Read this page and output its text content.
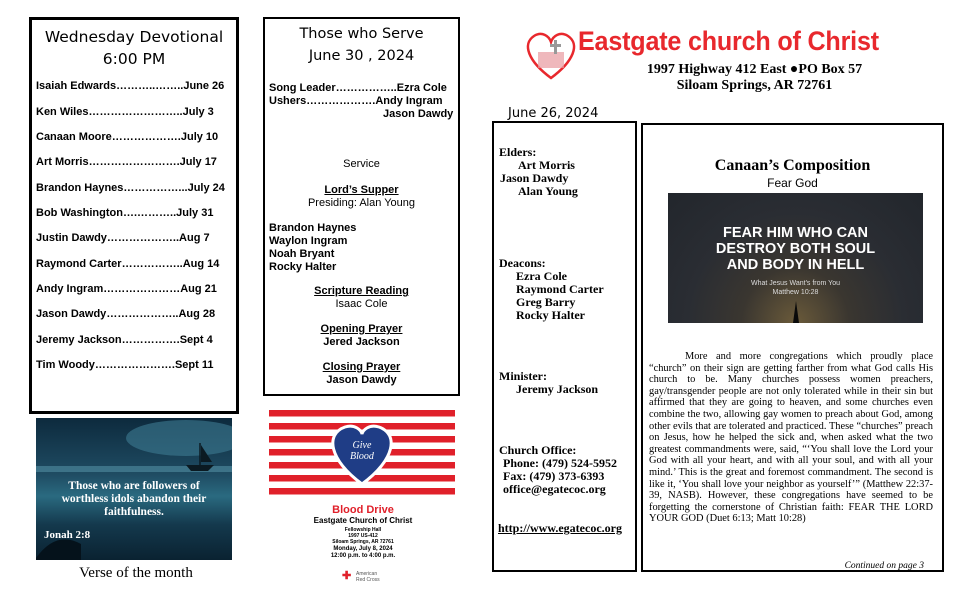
Wednesday Devotional
6:00 PM
Isaiah Edwards………..……..June 26
Ken Wiles……………………..July 3
Canaan Moore……………….July 10
Art Morris…………………….July 17
Brandon Haynes……………...July 24
Bob Washington….………..July 31
Justin Dawdy………………..Aug 7
Raymond Carter……………..Aug 14
Andy Ingram…………………Aug 21
Jason Dawdy………………..Aug 28
Jeremy Jackson…………….Sept 4
Tim Woody………………….Sept 11
Those who Serve
June 30 , 2024
Song Leader……………..Ezra Cole
Ushers……………….Andy Ingram
Jason Dawdy
Service
Lord’s Supper
Presiding: Alan Young
Brandon Haynes
Waylon Ingram
Noah Bryant
Rocky Halter
Scripture Reading
Isaac Cole
Opening Prayer
Jered Jackson
Closing Prayer
Jason Dawdy
Those who are followers of
worthless idols abandon their
faithfulness.
Jonah 2:8
Verse of the month
Give
Blood
Blood Drive
Eastgate Church of Christ
Fellowship Hall
1997 US-412
Siloam Springs, AR 72761
Monday, July 8, 2024
12:00 p.m. to 4:00 p.m.
✚ American
Red Cross
Eastgate church of Christ
1997 Highway 412 East ●PO Box 57
Siloam Springs, AR 72761
June 26, 2024
Elders:
Art Morris
Jason Dawdy
Alan Young
Deacons:
Ezra Cole
Raymond Carter
Greg Barry
Rocky Halter
Minister:
Jeremy Jackson
Church Office:
Phone: (479) 524-5952
Fax: (479) 373-6393
office@egatecoc.org
http://www.egatecoc.org
Canaan’s Composition
Fear God
FEAR HIM WHO CAN
DESTROY BOTH SOUL
AND BODY IN HELL
What Jesus Want's from You
Matthew 10:28
More and more congregations which proudly place “church” on their sign are getting farther from what God calls His church to be. Many churches possess women preachers, gay/transgender people are not only tolerated while in their sin but affirmed that they are going to heaven, and some churches even combine the two, allowing gay women to preach about God, among other evils that are tolerated and practiced. These “churches” preach on Jesus, how he helped the sick and, when asked what the two greatest commandments were, said, “‘You shall love the Lord your God with all your heart, and with all your soul, and with all your mind.’ This is the great and foremost commandment. The second is like it, ‘You shall love your neighbor as yourself’” (Matthew 22:37-39, NASB). However, these congregations have seemed to be forgetting the cornerstone of Christian faith: FEAR THE LORD YOUR GOD (Duet 6:13; Matt 10:28)
Continued on page 3
